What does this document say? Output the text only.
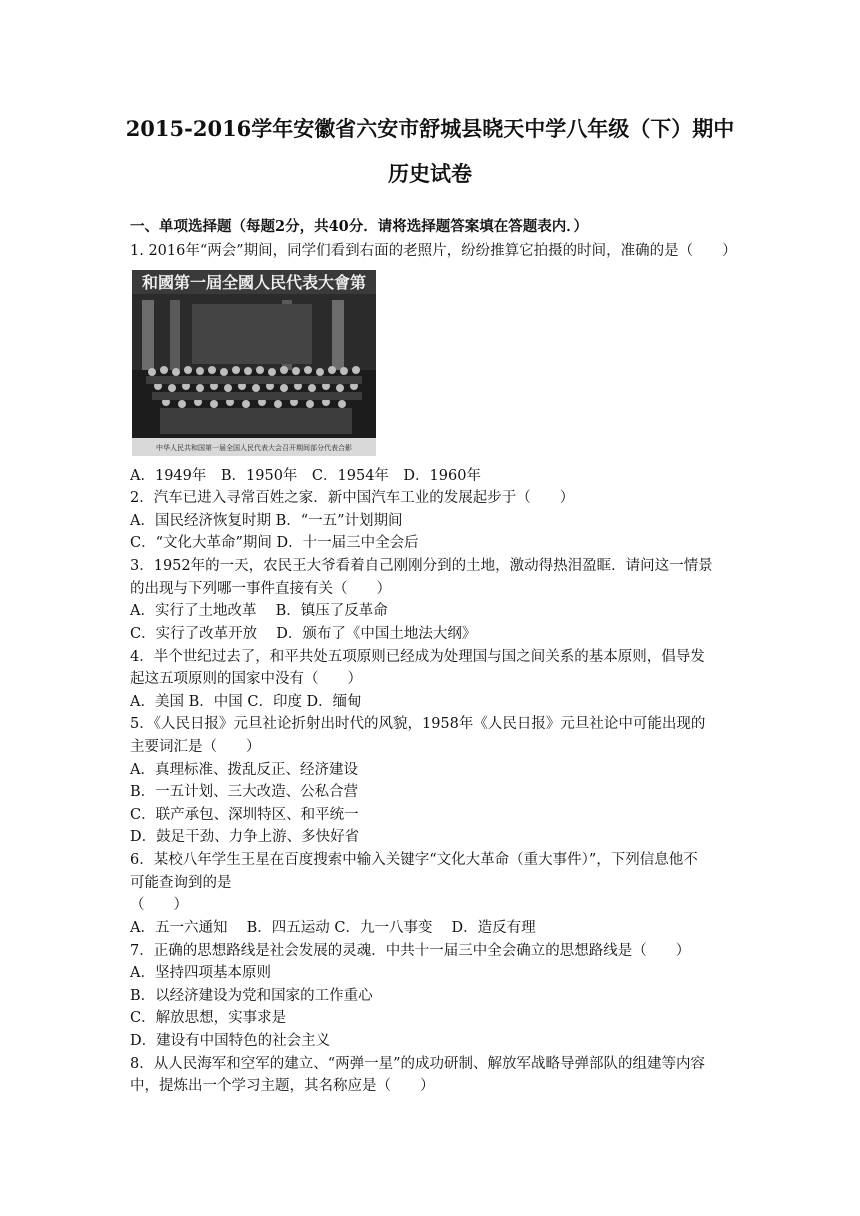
2015-2016学年安徽省六安市舒城县晓天中学八年级（下）期中
历史试卷
一、单项选择题（每题2分，共40分．请将选择题答案填在答题表内．）
1. 2016年“两会”期间，同学们看到右面的老照片，纷纷推算它拍摄的时间，准确的是（　　）
和國第一屆全國人民代表大會第
中华人民共和国第一届全国人民代表大会召开期间部分代表合影
A．1949年　B．1950年　C．1954年　D．1960年
2．汽车已进入寻常百姓之家．新中国汽车工业的发展起步于（　　）
A．国民经济恢复时期 B．“一五”计划期间
C．“文化大革命”期间 D．十一届三中全会后
3．1952年的一天，农民王大爷看着自己刚刚分到的土地，激动得热泪盈眶．请问这一情景
的出现与下列哪一事件直接有关（　　）
A．实行了土地改革　 B．镇压了反革命
C．实行了改革开放　 D．颁布了《中国土地法大纲》
4．半个世纪过去了，和平共处五项原则已经成为处理国与国之间关系的基本原则，倡导发
起这五项原则的国家中没有（　　）
A．美国 B．中国 C．印度 D．缅甸
5．《人民日报》元旦社论折射出时代的风貌，1958年《人民日报》元旦社论中可能出现的
主要词汇是（　　）
A．真理标准、拨乱反正、经济建设
B．一五计划、三大改造、公私合营
C．联产承包、深圳特区、和平统一
D．鼓足干劲、力争上游、多快好省
6．某校八年学生王星在百度搜索中输入关键字“文化大革命（重大事件）”，下列信息他不
可能查询到的是
（　　）
A．五一六通知　 B．四五运动 C．九一八事变　 D．造反有理
7．正确的思想路线是社会发展的灵魂．中共十一届三中全会确立的思想路线是（　　）
A．坚持四项基本原则
B．以经济建设为党和国家的工作重心
C．解放思想，实事求是
D．建设有中国特色的社会主义
8．从人民海军和空军的建立、“两弹一星”的成功研制、解放军战略导弹部队的组建等内容
中，提炼出一个学习主题，其名称应是（　　）
